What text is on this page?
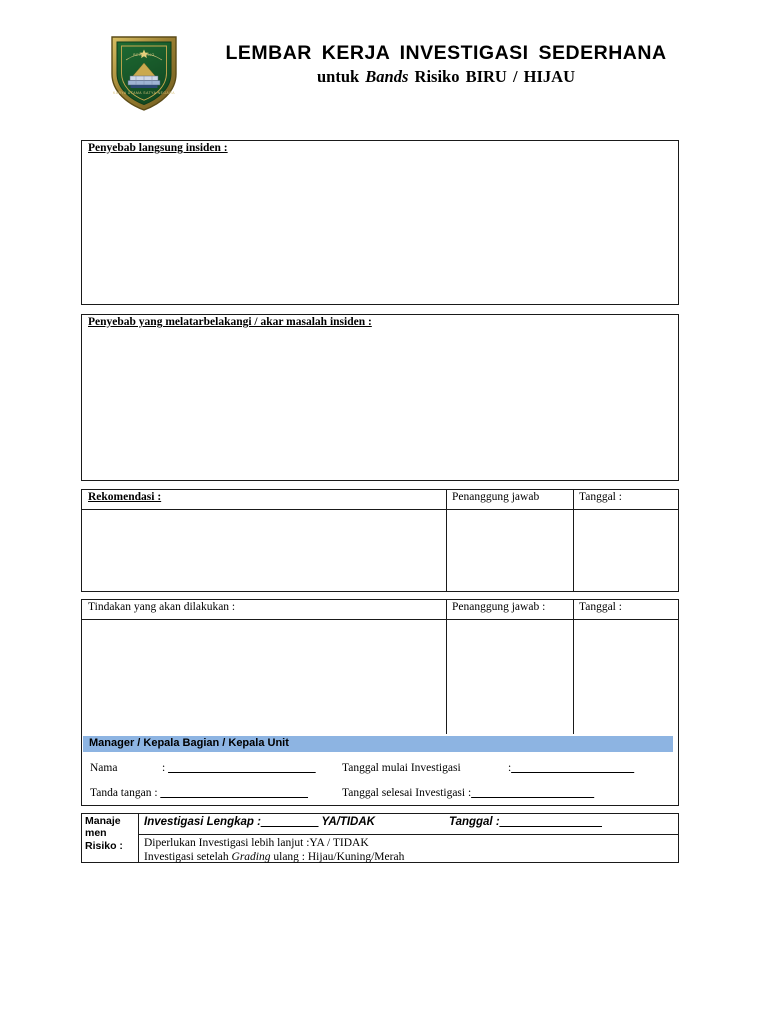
BENTENG
KARYA UTAMA SATYA NEGARA
LEMBAR KERJA INVESTIGASI SEDERHANA
untuk Bands Risiko BIRU / HIJAU
Penyebab langsung insiden :
Penyebab yang melatarbelakangi / akar masalah insiden :
Rekomendasi :	Penanggung jawab	Tanggal :
Tindakan yang akan dilakukan :	Penanggung jawab :	Tanggal :
Manager / Kepala Bagian / Kepala Unit
Nama	: ________________________
Tanda tangan : ________________________
Tanggal mulai Investigasi	:____________________
Tanggal selesai Investigasi :____________________
Manaje
men
Risiko :
Investigasi Lengkap :_________ YA/TIDAK	Tanggal :________________
Diperlukan Investigasi lebih lanjut :YA / TIDAK
Investigasi setelah Grading ulang : Hijau/Kuning/Merah
